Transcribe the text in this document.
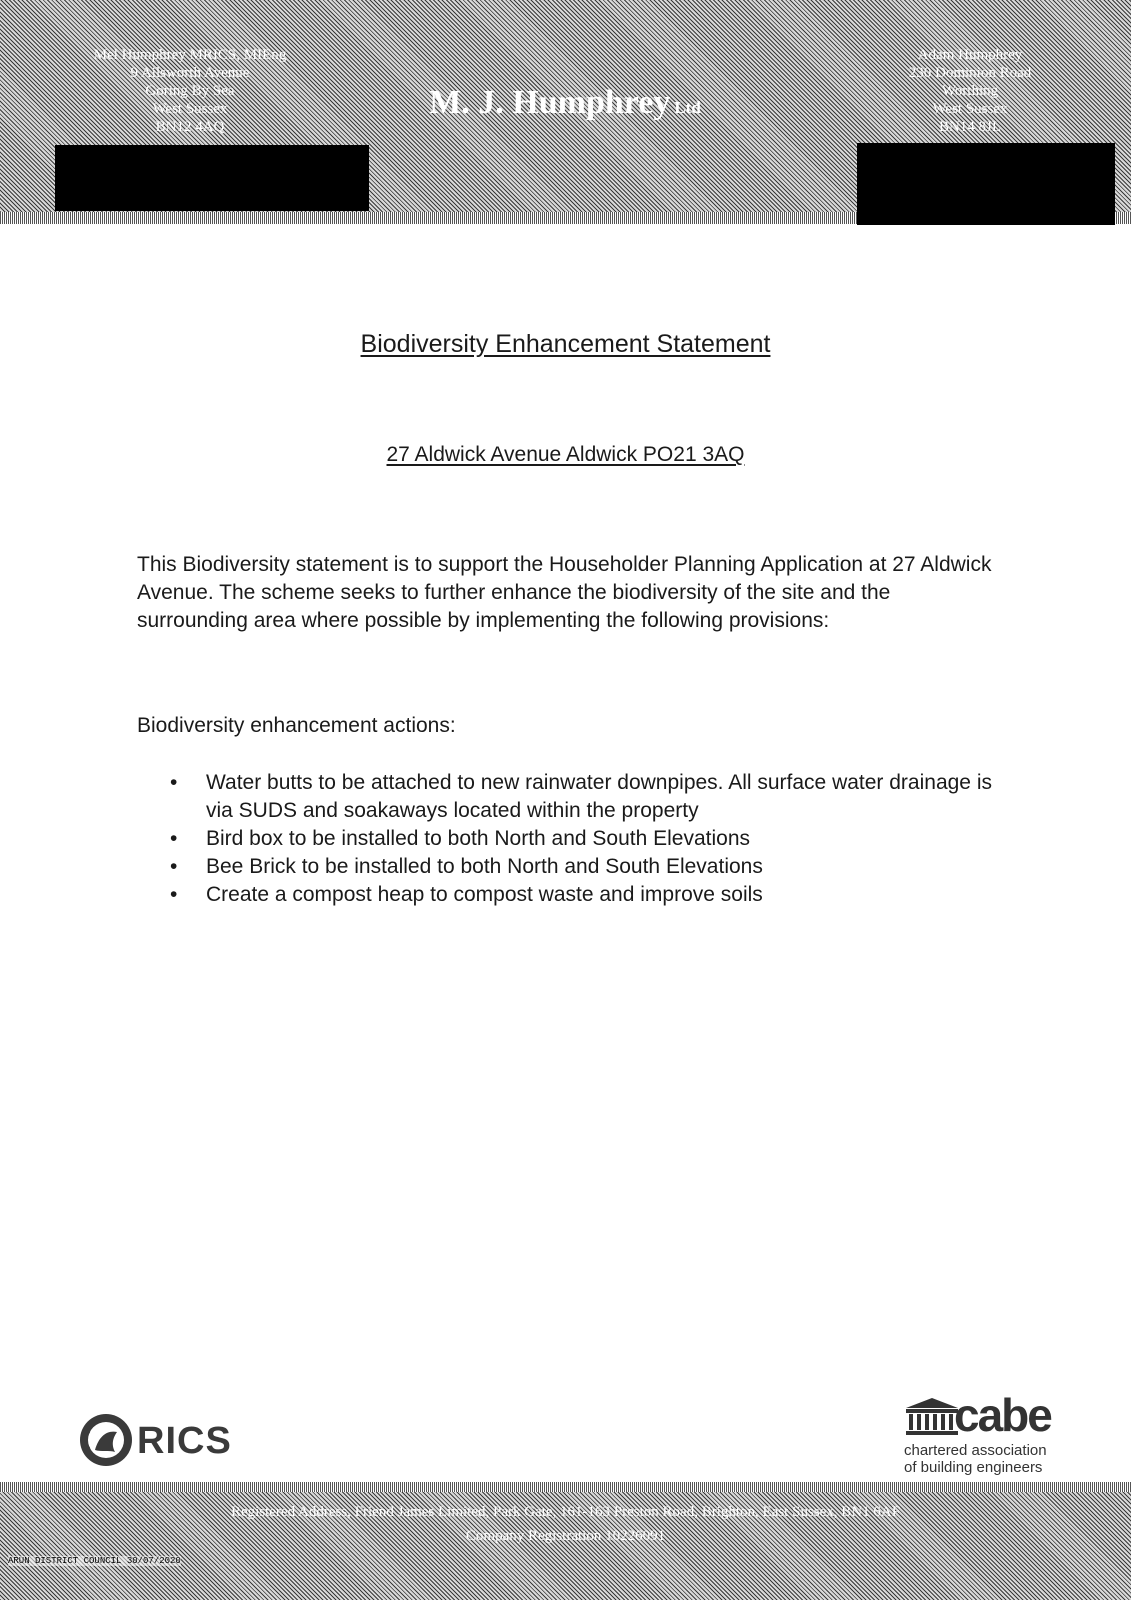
Mel Humphrey MRICS, MIEng
9 Ailsworth Avenue
Goring By Sea
West Sussex
BN12 4AQ
M. J. Humphrey Ltd
Adam Humphrey
230 Dominion Road
Worthing
West Sussex
BN14 8JL
Biodiversity Enhancement Statement
27 Aldwick Avenue Aldwick PO21 3AQ

This Biodiversity statement is to support the Householder Planning Application at 27 Aldwick Avenue. The scheme seeks to further enhance the biodiversity of the site and the surrounding area where possible by implementing the following provisions:

Biodiversity enhancement actions:

• Water butts to be attached to new rainwater downpipes. All surface water drainage is via SUDS and soakaways located within the property
• Bird box to be installed to both North and South Elevations
• Bee Brick to be installed to both North and South Elevations
• Create a compost heap to compost waste and improve soils
RICS	cabe
chartered association
of building engineers
Registered Address, Friend James Limited, Park Gate, 161-163 Preston Road, Brighton, East Sussex, BN1 6AF
Company Registration 10226091
ARUN DISTRICT COUNCIL 30/07/2020
